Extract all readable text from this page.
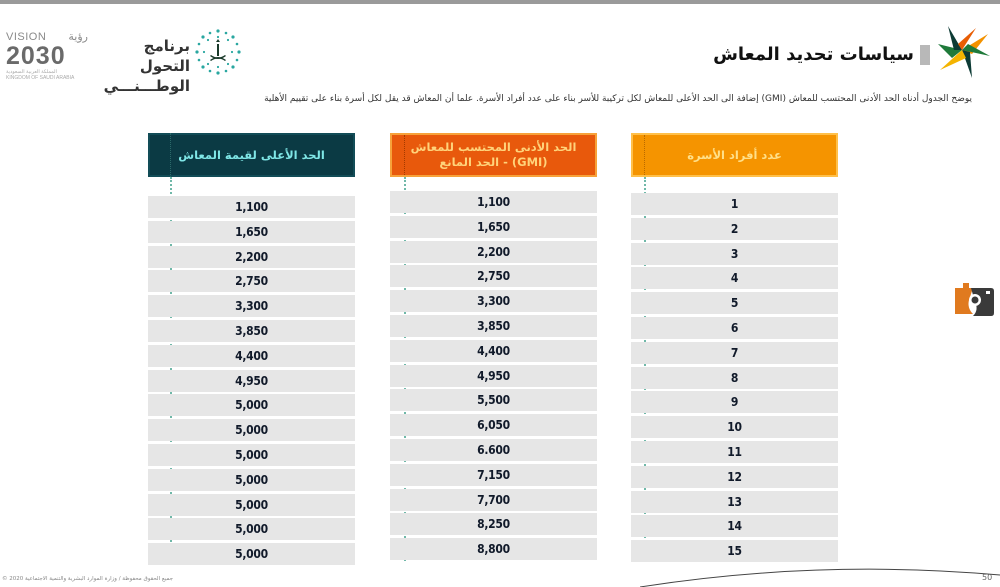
VISION رؤية
2030
المملكة العربية السعودية
KINGDOM OF SAUDI ARABIA
برنامج التحول
الوطـــنـــي
سياسات تحديد المعاش

يوضح الجدول أدناه الحد الأدنى المحتسب للمعاش (GMI) إضافة الى الحد الأعلى للمعاش لكل تركيبة للأسر بناء على عدد أفراد الأسرة. علما أن المعاش قد يقل لكل أسرة بناء على تقييم الأهلية

الحد الأعلى لقيمة المعاش
1,100
1,650
2,200
2,750
3,300
3,850
4,400
4,950
5,000
5,000
5,000
5,000
5,000
5,000
5,000
الحد الأدنى المحتسب للمعاش (GMI) - الحد المانع
1,100
1,650
2,200
2,750
3,300
3,850
4,400
4,950
5,500
6,050
6.600
7,150
7,700
8,250
8,800
عدد أفراد الأسرة
1
2
3
4
5
6
7
8
9
10
11
12
13
14
15
جميع الحقوق محفوظة / وزارة الموارد البشرية والتنمية الاجتماعية 2020 ©	50
